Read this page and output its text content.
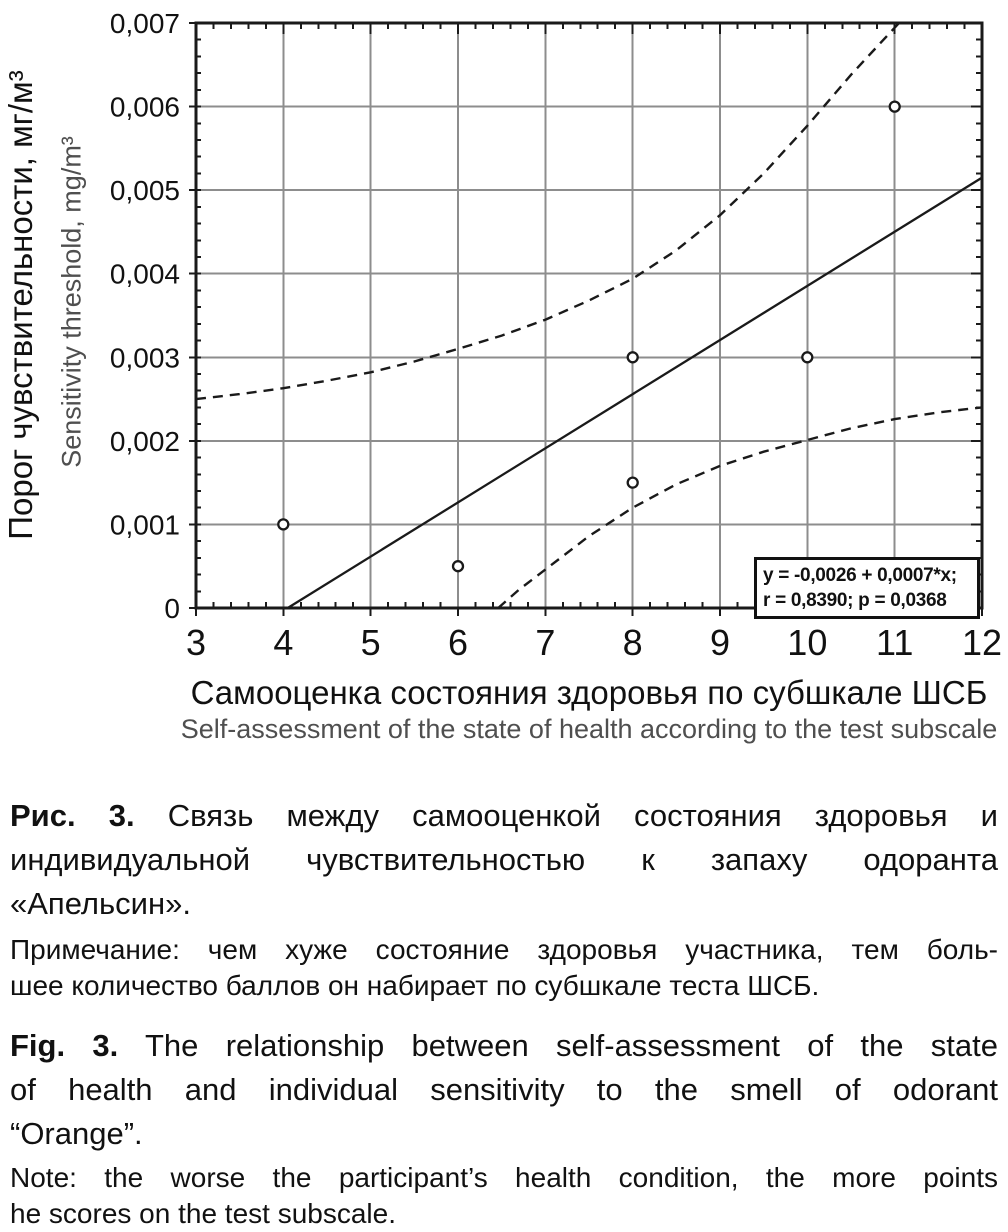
3 4 5 6 7 8 9 10 11 12
0
0,001
0,002
0,003
0,004
0,005
0,006
0,007
Порог чувствительности, мг/м³ Sensitivity threshold, mg/m³
Самооценка состояния здоровья по субшкале ШСБ
Self-assessment of the state of health according to the test subscale
y = -0,0026 + 0,0007*x;
r = 0,8390; p = 0,0368

Рис. 3. Связь между самооценкой состояния здоровья и
индивидуальной чувствительностью к запаху одоранта
«Апельсин».

Примечание: чем хуже состояние здоровья участника, тем боль-
шее количество баллов он набирает по субшкале теста ШСБ.

Fig. 3. The relationship between self-assessment of the state
of health and individual sensitivity to the smell of odorant
“Orange”.

Note: the worse the participant’s health condition, the more points
he scores on the test subscale.
